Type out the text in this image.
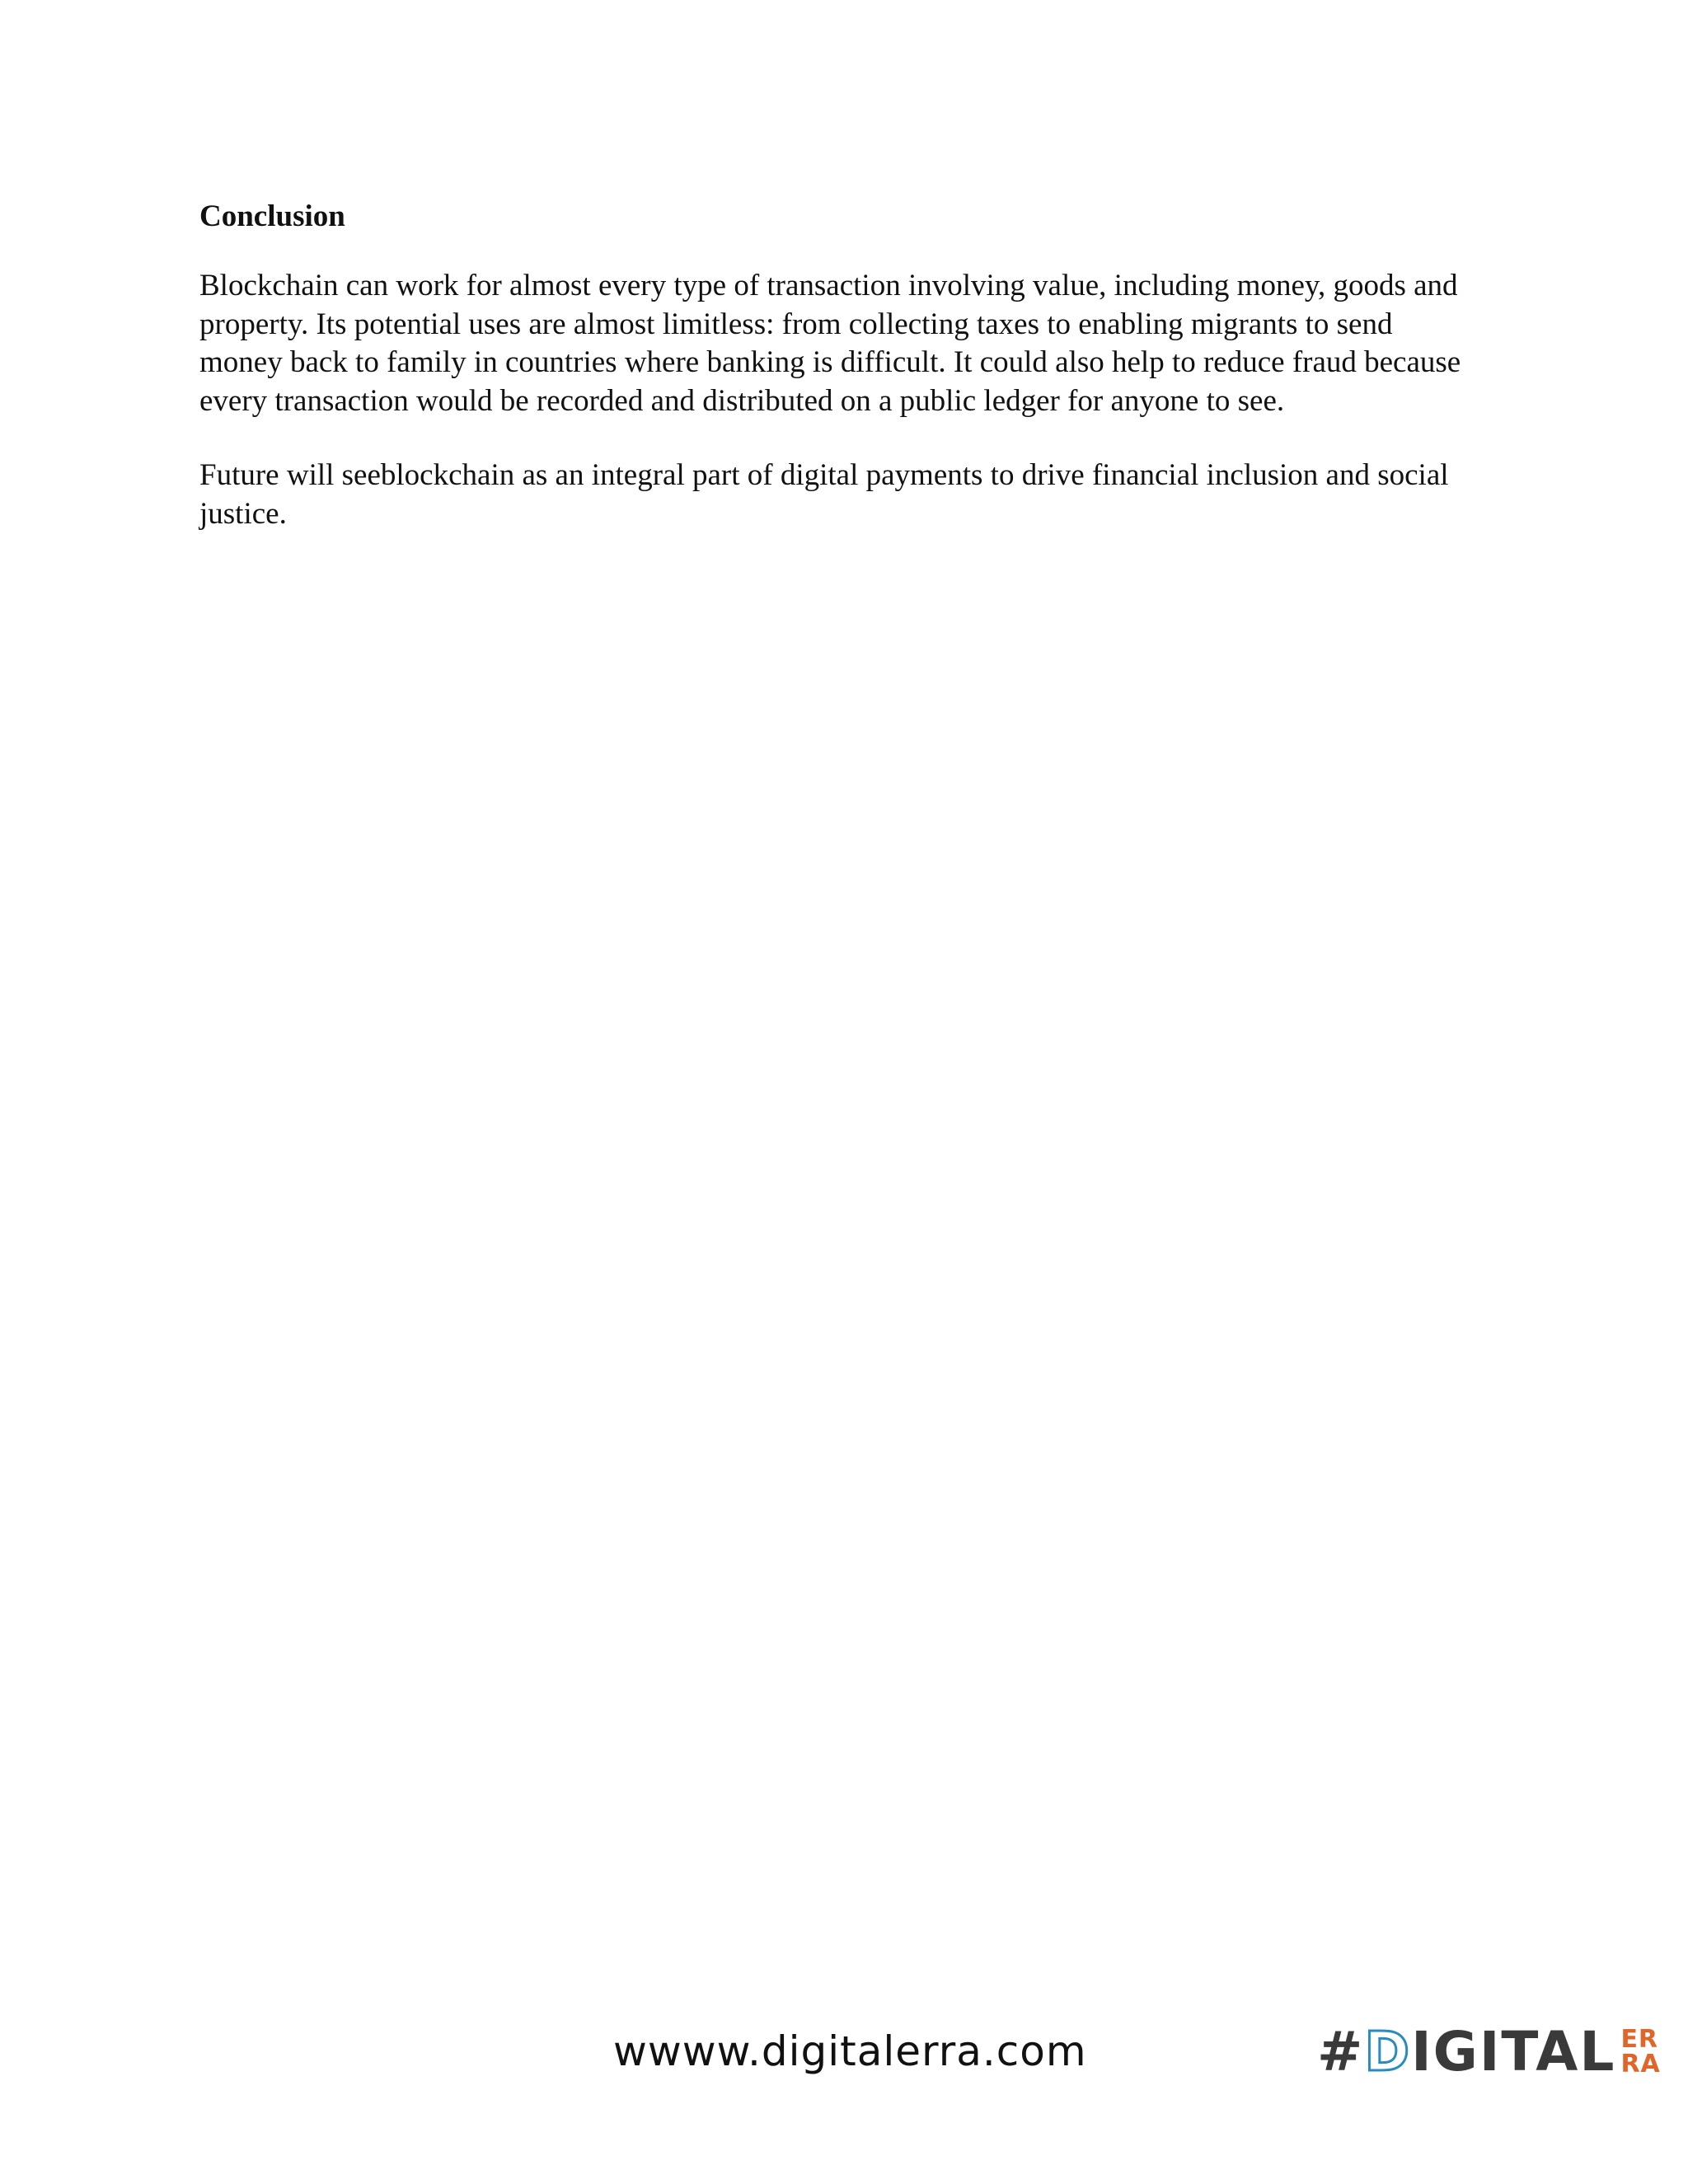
Conclusion

Blockchain can work for almost every type of transaction involving value, including money, goods and property. Its potential uses are almost limitless: from collecting taxes to enabling migrants to send money back to family in countries where banking is difficult. It could also help to reduce fraud because every transaction would be recorded and distributed on a public ledger for anyone to see.

Future will seeblockchain as an integral part of digital payments to drive financial inclusion and social justice.

wwww.digitalerra.com	#DIGITAL ER
RA
